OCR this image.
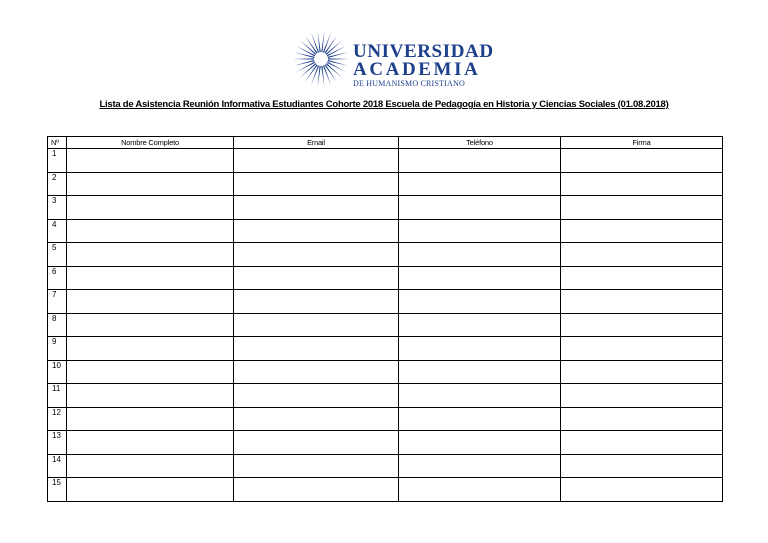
UNIVERSIDAD
ACADEMIA
DE HUMANISMO CRISTIANO
Lista de Asistencia Reunión Informativa Estudiantes Cohorte 2018 Escuela de Pedagogía en Historia y Ciencias Sociales (01.08.2018)
Nº	Nombre Completo	Email	Teléfono	Firma
1				
2				
3				
4				
5				
6				
7				
8				
9				
10				
11				
12				
13				
14				
15				
